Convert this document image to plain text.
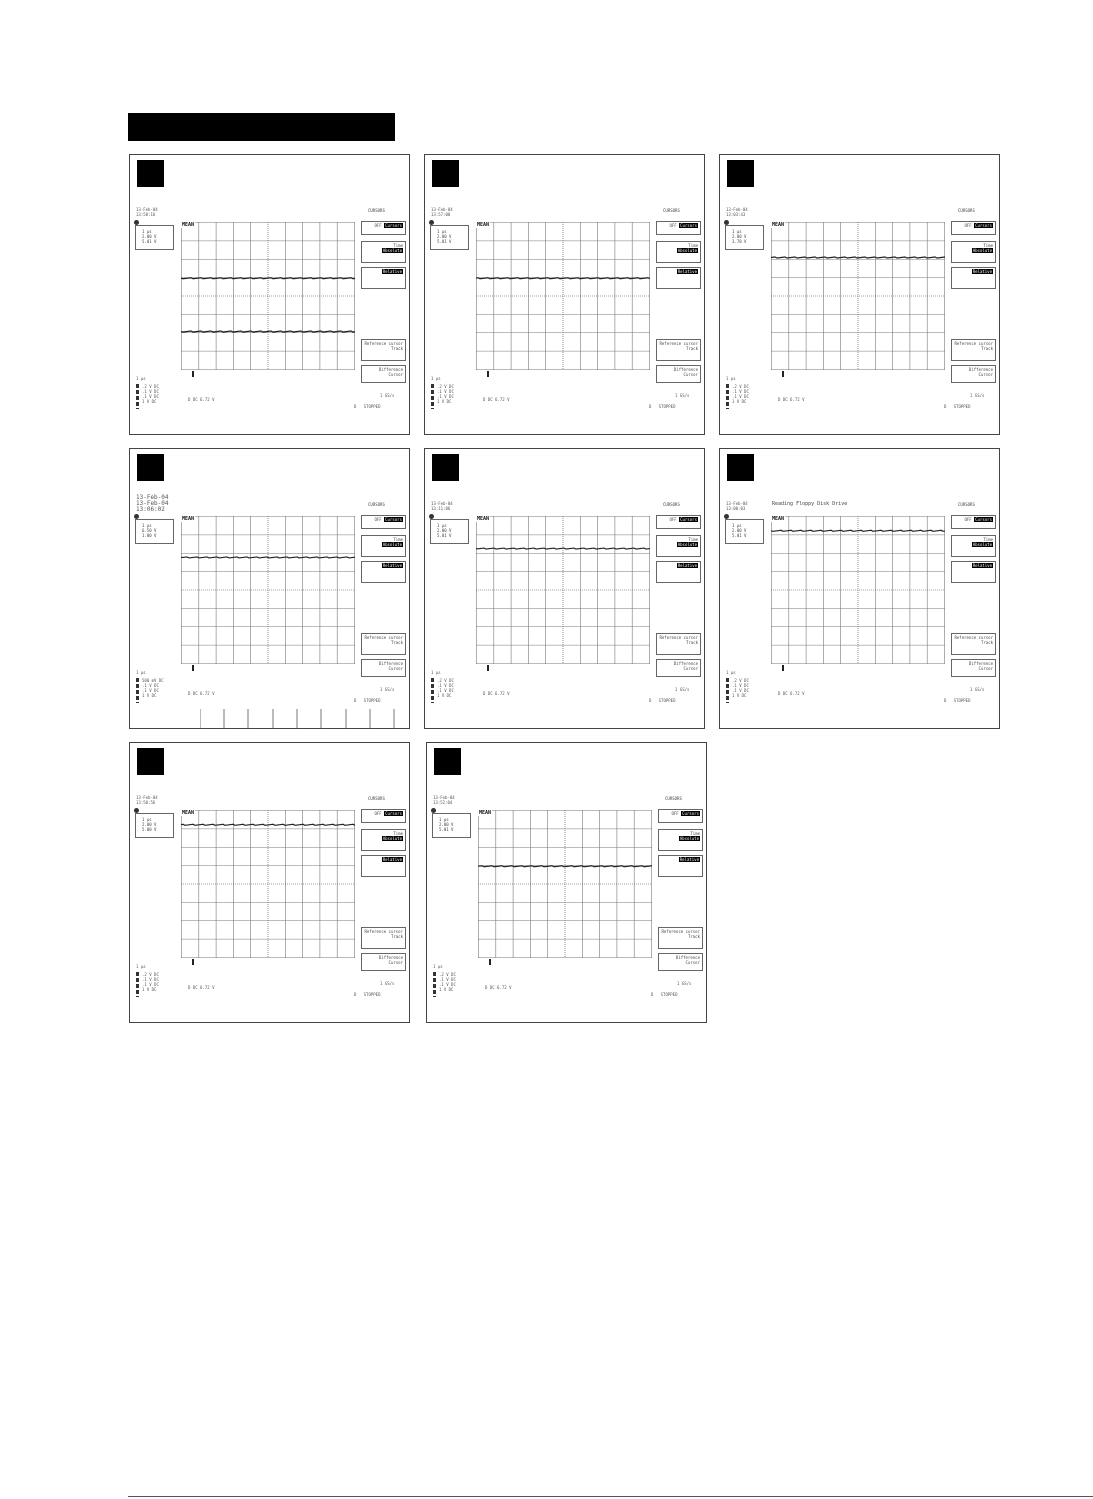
13-Feb-04
13:58:16
1 µs
2.00 V
5.01 V
CURSORS
OFF Cursors
Time
Absolute
Relative
Reference cursor
Track
Difference
Cursor
1 µs
.2 V DC
.1 V DC
.1 V DC
1 V DC	D DC 6.72 V
1 GS/s
D   STOPPED
MEAN
13-Feb-04
13:57:00
1 µs
2.00 V
5.01 V
CURSORS
OFF Cursors
Time
Absolute
Relative
Reference cursor
Track
Difference
Cursor
1 µs
.2 V DC
.1 V DC
.1 V DC
1 V DC	D DC 6.72 V
1 GS/s
D   STOPPED
MEAN
13-Feb-04
13:03:43
1 µs
2.00 V
3.78 V
CURSORS
OFF Cursors
Time
Absolute
Relative
Reference cursor
Track
Difference
Cursor
1 µs
.2 V DC
.1 V DC
.1 V DC
1 V DC	D DC 6.72 V
1 GS/s
D   STOPPED
MEAN
13-Feb-04
13-Feb-04
13:06:02
1 µs
6.50 V
1.00 V
CURSORS
OFF Cursors
Time
Absolute
Relative
Reference cursor
Track
Difference
Cursor
1 µs
500 mV DC
.1 V DC
.1 V DC
1 V DC	D DC 6.72 V
1 GS/s
D   STOPPED
MEAN
13-Feb-04
13:11:06
1 µs
2.00 V
5.01 V
CURSORS
OFF Cursors
Time
Absolute
Relative
Reference cursor
Track
Difference
Cursor
1 µs
.2 V DC
.1 V DC
.1 V DC
1 V DC	D DC 6.72 V
1 GS/s
D   STOPPED
MEAN
13-Feb-04
13:00:03
Reading Floppy Disk Drive
1 µs
2.00 V
5.01 V
CURSORS
OFF Cursors
Time
Absolute
Relative
Reference cursor
Track
Difference
Cursor
1 µs
.2 V DC
.1 V DC
.1 V DC
1 V DC	D DC 6.72 V
1 GS/s
D   STOPPED
MEAN
13-Feb-04
13:50:56
1 µs
2.00 V
5.00 V
CURSORS
OFF Cursors
Time
Absolute
Relative
Reference cursor
Track
Difference
Cursor
1 µs
.2 V DC
.1 V DC
.1 V DC
1 V DC	D DC 6.72 V
1 GS/s
D   STOPPED
MEAN
13-Feb-04
13:52:04
1 µs
2.00 V
5.01 V
CURSORS
OFF Cursors
Time
Absolute
Relative
Reference cursor
Track
Difference
Cursor
1 µs
.2 V DC
.1 V DC
.1 V DC
1 V DC	D DC 6.72 V
1 GS/s
D   STOPPED
MEAN
